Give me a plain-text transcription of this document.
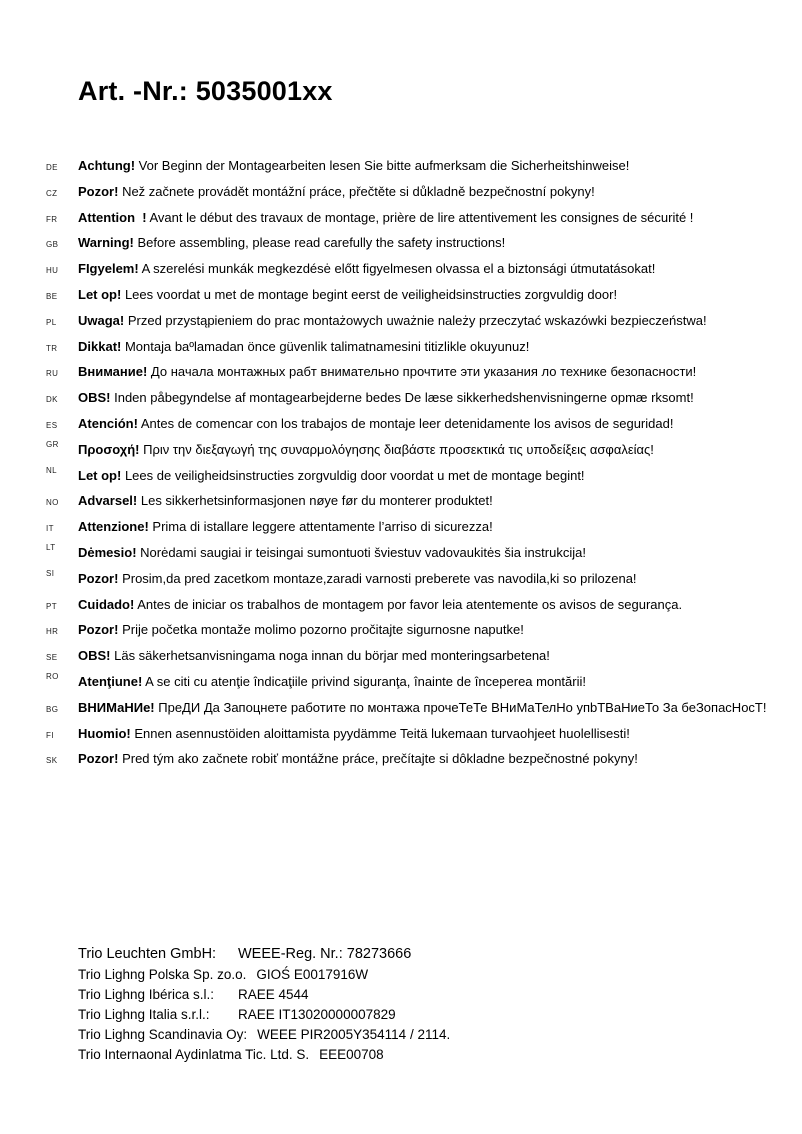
Art. -Nr.: 5035001xx
DE	Achtung! Vor Beginn der Montagearbeiten lesen Sie bitte aufmerksam die Sicherheitshinweise!
CZ	Pozor! Než začnete provádět montážní práce, přečtěte si důkladně bezpečnostní pokyny!
FR	Attention  ! Avant le début des travaux de montage, prière de lire attentivement les consignes de sécurité !
GB	Warning! Before assembling, please read carefully the safety instructions!
HU	FIgyelem! A szerelési munkák megkezdésė előtt figyelmesen olvassa el a biztonsági útmutatásokat!
BE	Let op! Lees voordat u met de montage begint eerst de veiligheidsinstructies zorgvuldig door!
PL	Uwaga! Przed przystąpieniem do prac montażowych uważnie należy przeczytać wskazówki bezpieczeństwa!
TR	Dikkat! Montaja baºlamadan önce güvenlik talimatnamesini titizlikle okuyunuz!
RU	Внимание! До начала монтажных рабт внимательно прочтите эти указания ло технике безопасности!
DK	OBS! Inden påbegyndelse af montagearbejderne bedes De læse sikkerhedshenvisningerne opmæ rksomt!
ES	Atención! Antes de comencar con los trabajos de montaje leer detenidamente los avisos de seguridad!
GR	Προσοχή! Πριν την διεξαγωγή της συναρμολόγησης διαβάστε προσεκτικά τις υποδείξεις ασφαλείας!
NL	Let op! Lees de veiligheidsinstructies zorgvuldig door voordat u met de montage begint!
NO	Advarsel! Les sikkerhetsinformasjonen nøye før du monterer produktet!
IT	Attenzione! Prima di istallare leggere attentamente l’arriso di sicurezza!
LT	Dėmesio! Norėdami saugiai ir teisingai sumontuoti šviestuv vadovaukitės šia instrukcija!
SI	Pozor! Prosim,da pred zacetkom montaze,zaradi varnosti preberete vas navodila,ki so prilozena!
PT	Cuidado! Antes de iniciar os trabalhos de montagem por favor leia atentemente os avisos de segurança.
HR	Pozor! Prije početka montaže molimo pozorno pročitajte sigurnosne naputke!
SE	OBS! Läs säkerhetsanvisningama noga innan du börjar med monteringsarbetena!
RO	Atenţiune! A se citi cu atenţie îndicaţiile privind siguranţa, înainte de începerea montării!
BG	ВНИМаНИе! ПреДИ Да Запоцнете работите по монтажа прочеТеТе ВНиМаТелНо упbТВаНиеТо За беЗопасНосТ!
FI	Huomio! Ennen asennustöiden aloittamista pyydämme Teitä lukemaan turvaohjeet huolellisesti!
SK	Pozor! Pred tým ako začnete robiť montážne práce, prečítajte si dôkladne bezpečnostné pokyny!
Trio Leuchten GmbH:	WEEE-Reg. Nr.: 78273666
Trio Lighng Polska Sp. zo.o. GIOŚ E0017916W
Trio Lighng Ibérica s.l.:	RAEE 4544
Trio Lighng Italia s.r.l.:	RAEE IT13020000007829
Trio Lighng Scandinavia Oy: WEEE PIR2005Y354114 / 2114.
Trio Internaonal Aydinlatma Tic. Ltd. S. EEE00708
